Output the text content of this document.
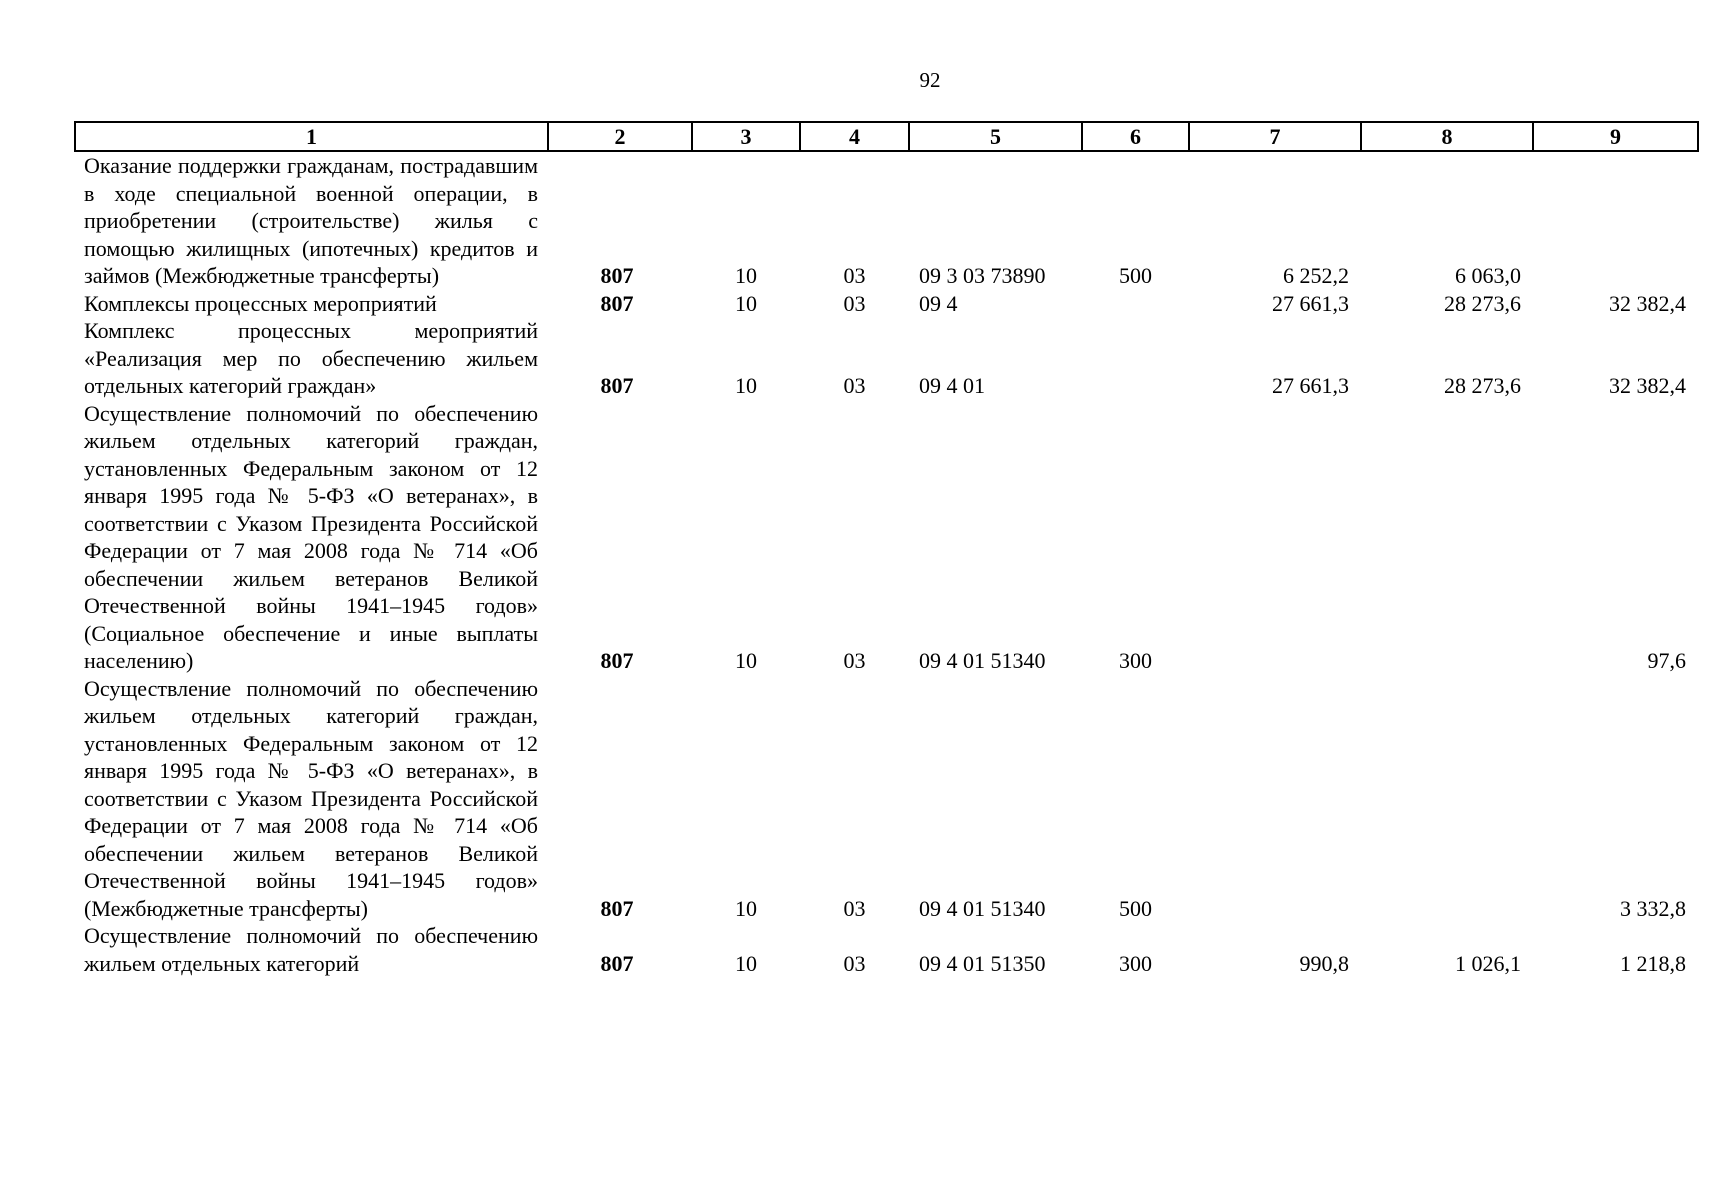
92
1	2	3	4	5	6	7	8	9
Оказание поддержки гражданам, пострадавшим в ходе специальной военной операции, в приобретении (строительстве) жилья с помощью жилищных (ипотечных) кредитов и займов (Межбюджетные трансферты)	807	10	03	09 3 03 73890	500	6 252,2	6 063,0	
Комплексы процессных мероприятий	807	10	03	09 4		27 661,3	28 273,6	32 382,4
Комплекс процессных мероприятий «Реализация мер по обеспечению жильем отдельных категорий граждан»	807	10	03	09 4 01		27 661,3	28 273,6	32 382,4
Осуществление полномочий по обеспечению жильем отдельных категорий граждан, установленных Федеральным законом от 12 января 1995 года № 5-ФЗ «О ветеранах», в соответствии с Указом Президента Российской Федерации от 7 мая 2008 года № 714 «Об обеспечении жильем ветеранов Великой Отечественной войны 1941–1945 годов» (Социальное обеспечение и иные выплаты населению)	807	10	03	09 4 01 51340	300			97,6
Осуществление полномочий по обеспечению жильем отдельных категорий граждан, установленных Федеральным законом от 12 января 1995 года № 5-ФЗ «О ветеранах», в соответствии с Указом Президента Российской Федерации от 7 мая 2008 года № 714 «Об обеспечении жильем ветеранов Великой Отечественной войны 1941–1945 годов» (Межбюджетные трансферты)	807	10	03	09 4 01 51340	500			3 332,8
Осуществление полномочий по обеспечению жильем отдельных категорий	807	10	03	09 4 01 51350	300	990,8	1 026,1	1 218,8
